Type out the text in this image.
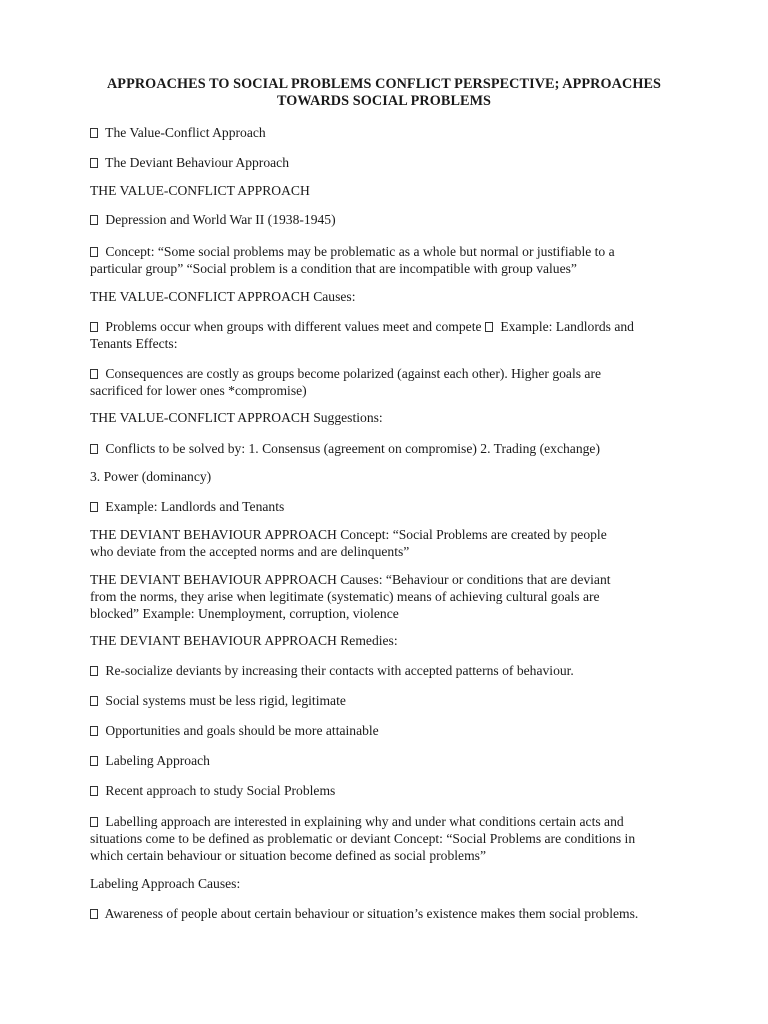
APPROACHES TO SOCIAL PROBLEMS CONFLICT PERSPECTIVE; APPROACHES
TOWARDS SOCIAL PROBLEMS
The Value-Conflict Approach
The Deviant Behaviour Approach
THE VALUE-CONFLICT APPROACH
Depression and World War II (1938-1945)
Concept: “Some social problems may be problematic as a whole but normal or justifiable to a
particular group” “Social problem is a condition that are incompatible with group values”
THE VALUE-CONFLICT APPROACH Causes:
Problems occur when groups with different values meet and compete  Example: Landlords and
Tenants Effects:
Consequences are costly as groups become polarized (against each other). Higher goals are
sacrificed for lower ones *compromise)
THE VALUE-CONFLICT APPROACH Suggestions:
Conflicts to be solved by: 1. Consensus (agreement on compromise) 2. Trading (exchange)
3. Power (dominancy)
Example: Landlords and Tenants
THE DEVIANT BEHAVIOUR APPROACH Concept: “Social Problems are created by people
who deviate from the accepted norms and are delinquents”
THE DEVIANT BEHAVIOUR APPROACH Causes: “Behaviour or conditions that are deviant
from the norms, they arise when legitimate (systematic) means of achieving cultural goals are
blocked” Example: Unemployment, corruption, violence
THE DEVIANT BEHAVIOUR APPROACH Remedies:
Re-socialize deviants by increasing their contacts with accepted patterns of behaviour.
Social systems must be less rigid, legitimate
Opportunities and goals should be more attainable
Labeling Approach
Recent approach to study Social Problems
Labelling approach are interested in explaining why and under what conditions certain acts and
situations come to be defined as problematic or deviant Concept: “Social Problems are conditions in
which certain behaviour or situation become defined as social problems”
Labeling Approach Causes:
Awareness of people about certain behaviour or situation’s existence makes them social problems.
